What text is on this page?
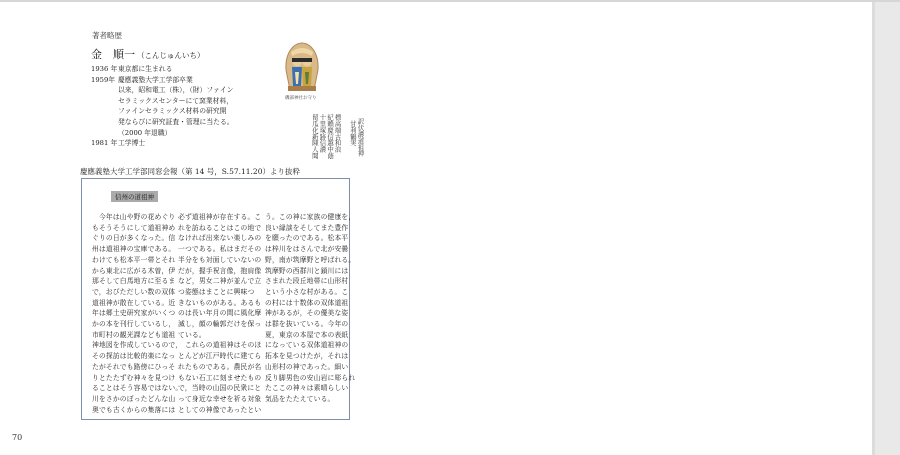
著者略歴
金　順一 （こんじゅんいち）
1936 年 東京都に生まれる
1959年 慶應義塾大学工学部卒業
以来，昭和電工（株），（財）ファイン
セラミックスセンターにて窯業材料，
ファインセラミックス材料の研究開
発ならびに研究証査・管理に当たる。
（2000 年退職）
1981 年 工学博士
磯部神社お守り

訳伏濃道祖神
　甘利鶴実

標高端古和浪
紀賴慶信越中蔭
十里塚跡信濃
留瓜化新陳人聞

慶應義塾大学工学部同窓会報（第 14 号，S.57.11.20）より抜粋
信州の道祖神
　今年は山や野の花めぐり
もそうそうにして道祖神め
ぐりの日が多くなった。信
州は道祖神の宝庫である。
わけても松本平一帯とそれ
から東北に広がる木曽，伊
那そして白馬地方に至るま
で，おびただしい数の双体
道祖神が散在している。近
年は郷土史研究家がいくつ
かの本を刊行しているし，
市町村の観光課なども道祖
神地図を作成しているので，
その探訪は比較的楽になっ
たがそれでも路傍にひっそ
りとたたずむ神々を見つけ
ることはそう容易ではない。
川をさかのぼったどんな山
奥でも古くからの集落には
必ず道祖神が存在する。こ
れを訪ねることはこの地で
なければ出来ない楽しみの
一つである。私はまだその
半分をも対面していないの
だが，握手祝言像，抱肩像
など，男女二神が並んで立
つ姿態はまことに興味つ
きないものがある。あるも
のは長い年月の間に風化摩
滅し，顔の輪郭だけを保っ
ている。
　これらの道祖神はそのほ
とんどが江戸時代に建てら
れたものである。農民が名
もない石工に刻ませたもの
で，当時の山国の民衆にと
って身近な幸せを祈る対象
としての神像であったとい
う。この神に家族の健康を，
良い縁談をそしてまた豊作
を願ったのである。松本平
は梓川をはさんで北が安曇
野，南が筑摩野と呼ばれる。
筑摩野の西群川と鎖川には
さまれた段丘地帯に山形村
という小さな村がある。こ
の村には十数体の双体道祖
神があるが，その優美な姿
は群を抜いている。今年の
夏，東京の本屋で本の表紙
になっている双体道祖神の
拓本を見つけたが，それは
山形村の神であった。細い
反り脚男色の安山岩に彫られ
たここの神々は素晴らしい
気品をたたえている。
70
